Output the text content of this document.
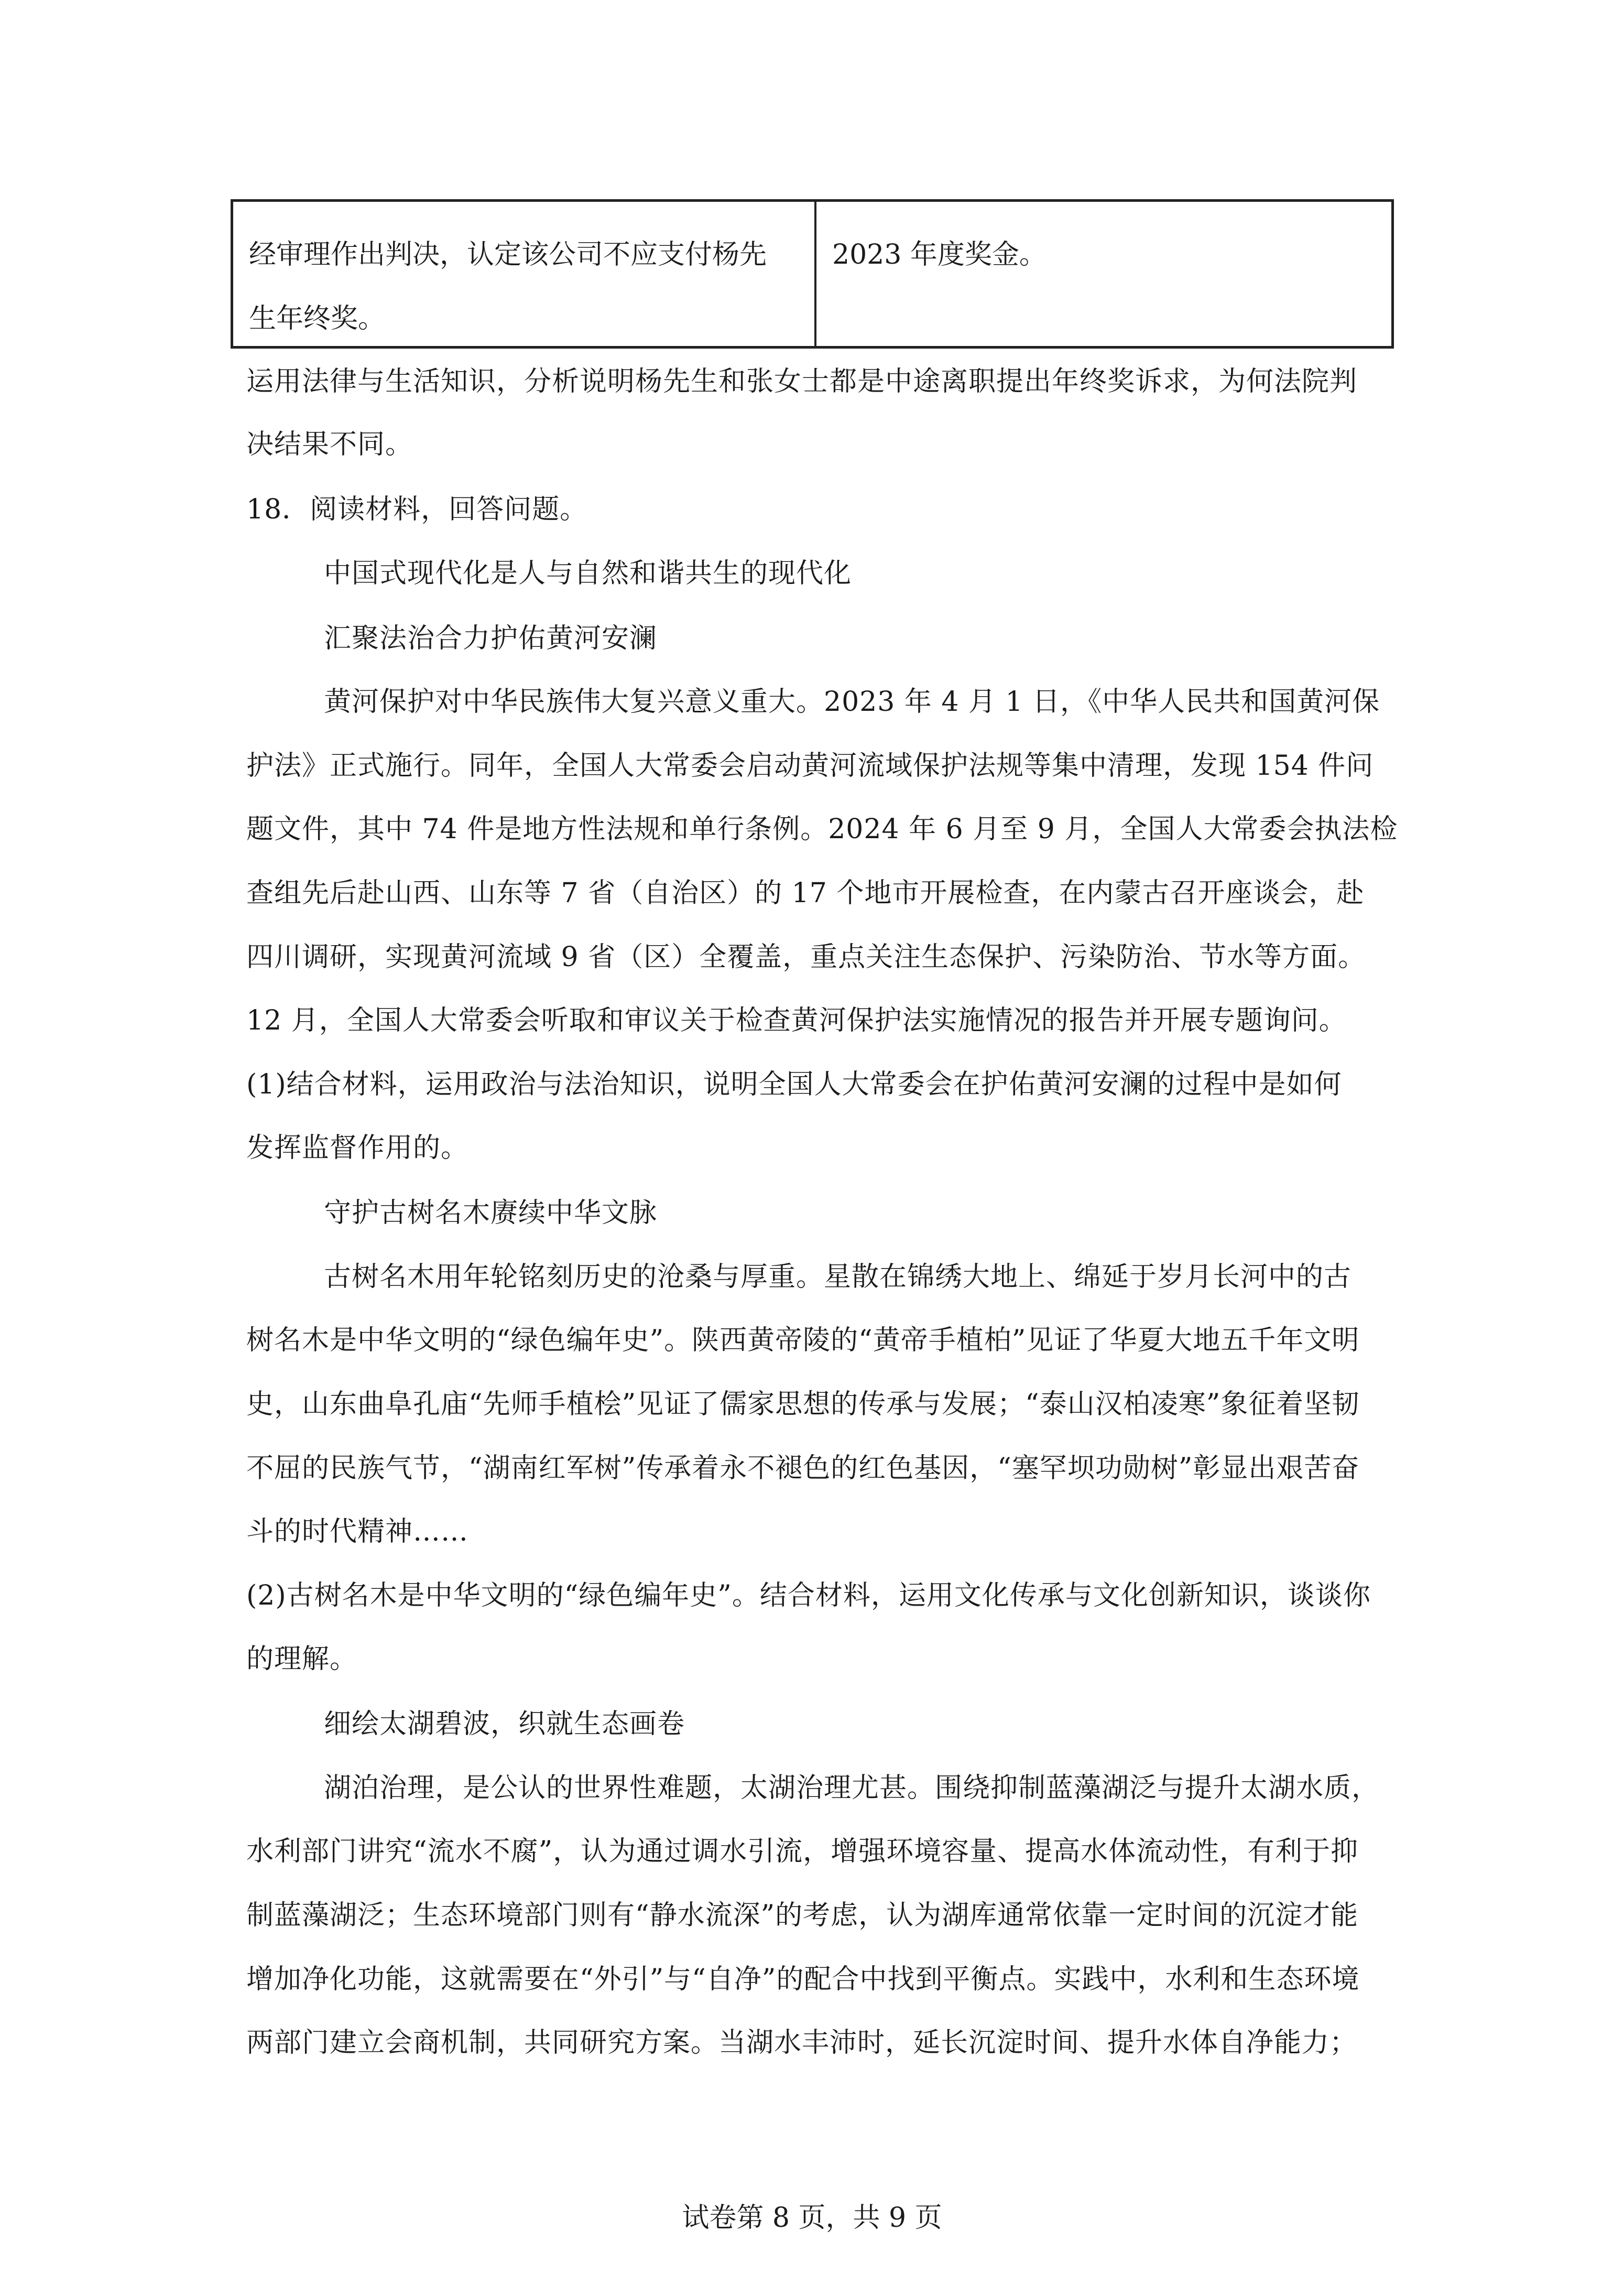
经审理作出判决，认定该公司不应支付杨先
生年终奖。
2023 年度奖金。
运用法律与生活知识，分析说明杨先生和张女士都是中途离职提出年终奖诉求，为何法院判
决结果不同。
18．阅读材料，回答问题。
中国式现代化是人与自然和谐共生的现代化
汇聚法治合力护佑黄河安澜
黄河保护对中华民族伟大复兴意义重大。2023 年 4 月 1 日，《中华人民共和国黄河保
护法》正式施行。同年，全国人大常委会启动黄河流域保护法规等集中清理，发现 154 件问
题文件，其中 74 件是地方性法规和单行条例。2024 年 6 月至 9 月，全国人大常委会执法检
查组先后赴山西、山东等 7 省（自治区）的 17 个地市开展检查，在内蒙古召开座谈会，赴
四川调研，实现黄河流域 9 省（区）全覆盖，重点关注生态保护、污染防治、节水等方面。
12 月，全国人大常委会听取和审议关于检查黄河保护法实施情况的报告并开展专题询问。
(1)结合材料，运用政治与法治知识，说明全国人大常委会在护佑黄河安澜的过程中是如何
发挥监督作用的。
守护古树名木赓续中华文脉
古树名木用年轮铭刻历史的沧桑与厚重。星散在锦绣大地上、绵延于岁月长河中的古
树名木是中华文明的“绿色编年史”。陕西黄帝陵的“黄帝手植柏”见证了华夏大地五千年文明
史，山东曲阜孔庙“先师手植桧”见证了儒家思想的传承与发展；“泰山汉柏凌寒”象征着坚韧
不屈的民族气节，“湖南红军树”传承着永不褪色的红色基因，“塞罕坝功勋树”彰显出艰苦奋
斗的时代精神……
(2)古树名木是中华文明的“绿色编年史”。结合材料，运用文化传承与文化创新知识，谈谈你
的理解。
细绘太湖碧波，织就生态画卷
湖泊治理，是公认的世界性难题，太湖治理尤甚。围绕抑制蓝藻湖泛与提升太湖水质，
水利部门讲究“流水不腐”，认为通过调水引流，增强环境容量、提高水体流动性，有利于抑
制蓝藻湖泛；生态环境部门则有“静水流深”的考虑，认为湖库通常依靠一定时间的沉淀才能
增加净化功能，这就需要在“外引”与“自净”的配合中找到平衡点。实践中，水利和生态环境
两部门建立会商机制，共同研究方案。当湖水丰沛时，延长沉淀时间、提升水体自净能力；
试卷第 8 页，共 9 页
